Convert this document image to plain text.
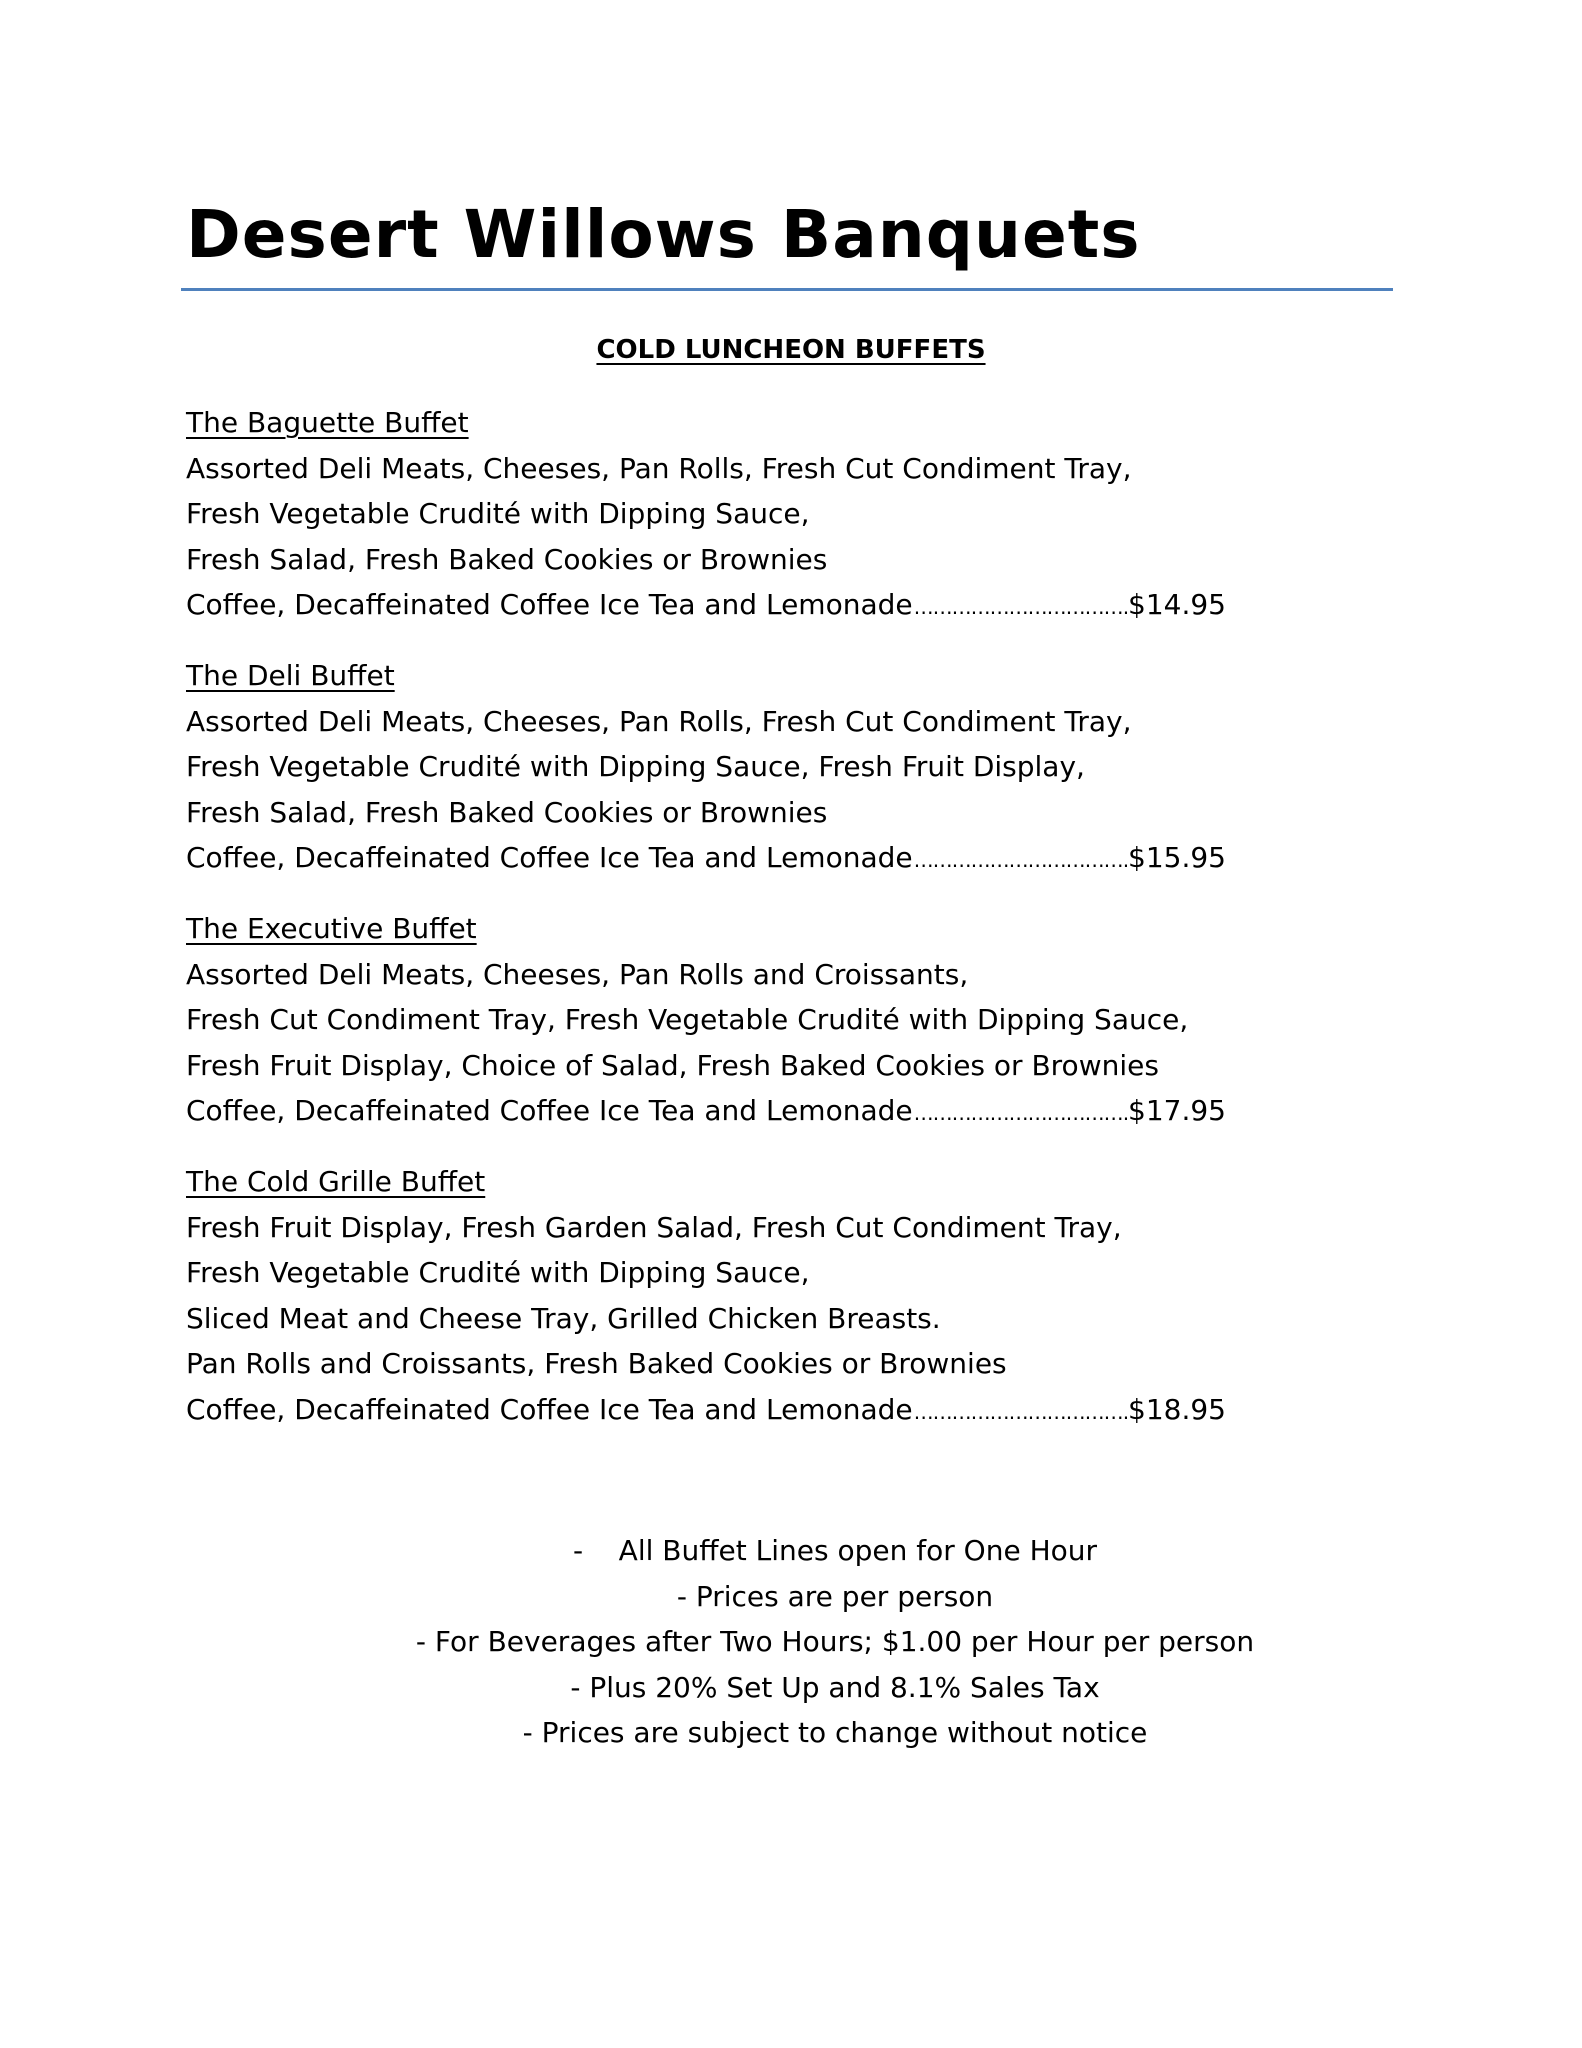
Desert Willows Banquets
COLD LUNCHEON BUFFETS
The Baguette Buffet
Assorted Deli Meats, Cheeses, Pan Rolls, Fresh Cut Condiment Tray,
Fresh Vegetable Crudité with Dipping Sauce,
Fresh Salad, Fresh Baked Cookies or Brownies
Coffee, Decaffeinated Coffee Ice Tea and Lemonade ……………………………………………………………………………………………………………………………………………………………	$14.95
The Deli Buffet
Assorted Deli Meats, Cheeses, Pan Rolls, Fresh Cut Condiment Tray,
Fresh Vegetable Crudité with Dipping Sauce, Fresh Fruit Display,
Fresh Salad, Fresh Baked Cookies or Brownies
Coffee, Decaffeinated Coffee Ice Tea and Lemonade ……………………………………………………………………………………………………………………………………………………………	$15.95
The Executive Buffet
Assorted Deli Meats, Cheeses, Pan Rolls and Croissants,
Fresh Cut Condiment Tray, Fresh Vegetable Crudité with Dipping Sauce,
Fresh Fruit Display, Choice of Salad, Fresh Baked Cookies or Brownies
Coffee, Decaffeinated Coffee Ice Tea and Lemonade ……………………………………………………………………………………………………………………………………………………………	$17.95
The Cold Grille Buffet
Fresh Fruit Display, Fresh Garden Salad, Fresh Cut Condiment Tray,
Fresh Vegetable Crudité with Dipping Sauce,
Sliced Meat and Cheese Tray, Grilled Chicken Breasts.
Pan Rolls and Croissants, Fresh Baked Cookies or Brownies
Coffee, Decaffeinated Coffee Ice Tea and Lemonade ……………………………………………………………………………………………………………………………………………………………	$18.95
-    All Buffet Lines open for One Hour
- Prices are per person
- For Beverages after Two Hours; $1.00 per Hour per person
- Plus 20% Set Up and 8.1% Sales Tax
- Prices are subject to change without notice
